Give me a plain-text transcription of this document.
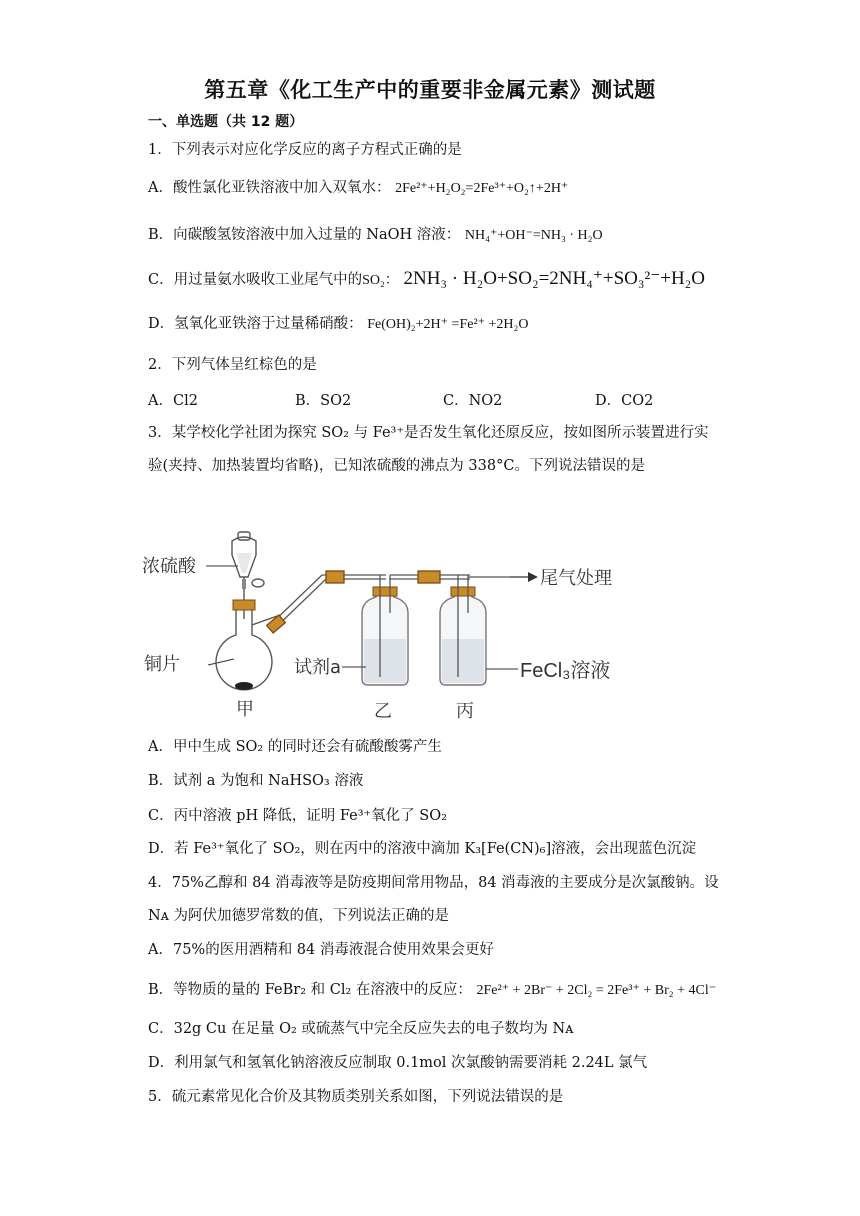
第五章《化工生产中的重要非金属元素》测试题
一、单选题（共 12 题）
1．下列表示对应化学反应的离子方程式正确的是
A．酸性氯化亚铁溶液中加入双氧水： 2Fe²⁺+H₂O₂=2Fe³⁺+O₂↑+2H⁺
B．向碳酸氢铵溶液中加入过量的 NaOH 溶液： NH₄⁺+OH⁻=NH₃ · H₂O
C．用过量氨水吸收工业尾气中的SO₂： 2NH₃ · H₂O+SO₂=2NH₄⁺+SO₃²⁻+H₂O
D．氢氧化亚铁溶于过量稀硝酸： Fe(OH)₂+2H⁺ =Fe²⁺ +2H₂O
2．下列气体呈红棕色的是
A．Cl2	B．SO2	C．NO2	D．CO2
3．某学校化学社团为探究 SO₂ 与 Fe³⁺是否发生氧化还原反应，按如图所示装置进行实
验(夹持、加热装置均省略)，已知浓硫酸的沸点为 338°C。下列说法错误的是
浓硫酸
铜片	试剂a
尾气处理
FeCl₃溶液
甲	乙	丙
A．甲中生成 SO₂ 的同时还会有硫酸酸雾产生
B．试剂 a 为饱和 NaHSO₃ 溶液
C．丙中溶液 pH 降低，证明 Fe³⁺氧化了 SO₂
D．若 Fe³⁺氧化了 SO₂，则在丙中的溶液中滴加 K₃[Fe(CN)₆]溶液，会出现蓝色沉淀
4．75%乙醇和 84 消毒液等是防疫期间常用物品，84 消毒液的主要成分是次氯酸钠。设
Nᴀ 为阿伏加德罗常数的值，下列说法正确的是
A．75%的医用酒精和 84 消毒液混合使用效果会更好
B．等物质的量的 FeBr₂ 和 Cl₂ 在溶液中的反应： 2Fe²⁺ + 2Br⁻ + 2Cl₂ = 2Fe³⁺ + Br₂ + 4Cl⁻
C．32g Cu 在足量 O₂ 或硫蒸气中完全反应失去的电子数均为 Nᴀ
D．利用氯气和氢氧化钠溶液反应制取 0.1mol 次氯酸钠需要消耗 2.24L 氯气
5．硫元素常见化合价及其物质类别关系如图，下列说法错误的是
